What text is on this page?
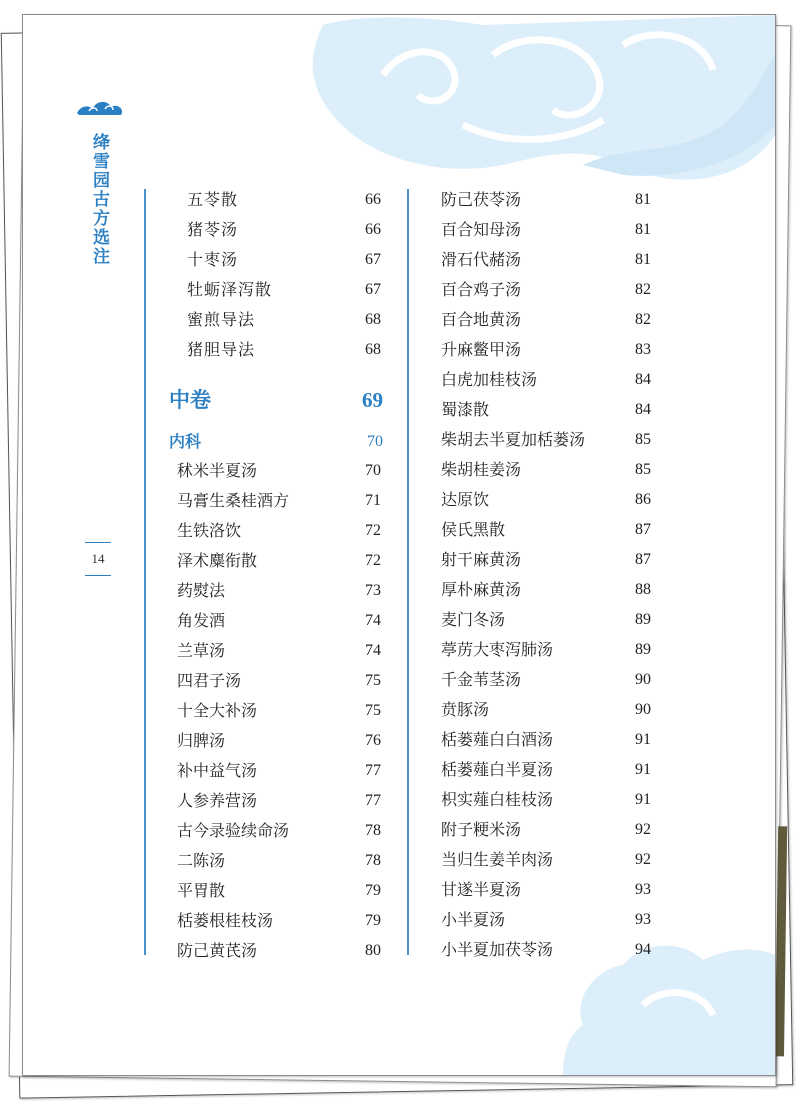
绛雪园古方选注
14
五苓散	66
猪苓汤	66
十枣汤	67
牡蛎泽泻散	67
蜜煎导法	68
猪胆导法	68
中卷	69
内科	70
秫米半夏汤	70
马膏生桑桂酒方	71
生铁洛饮	72
泽术麋衔散	72
药熨法	73
角发酒	74
兰草汤	74
四君子汤	75
十全大补汤	75
归脾汤	76
补中益气汤	77
人参养营汤	77
古今录验续命汤	78
二陈汤	78
平胃散	79
栝蒌根桂枝汤	79
防己黄芪汤	80
防己茯苓汤	81
百合知母汤	81
滑石代赭汤	81
百合鸡子汤	82
百合地黄汤	82
升麻鳖甲汤	83
白虎加桂枝汤	84
蜀漆散	84
柴胡去半夏加栝蒌汤	85
柴胡桂姜汤	85
达原饮	86
侯氏黑散	87
射干麻黄汤	87
厚朴麻黄汤	88
麦门冬汤	89
葶苈大枣泻肺汤	89
千金苇茎汤	90
贲豚汤	90
栝蒌薤白白酒汤	91
栝蒌薤白半夏汤	91
枳实薤白桂枝汤	91
附子粳米汤	92
当归生姜羊肉汤	92
甘遂半夏汤	93
小半夏汤	93
小半夏加茯苓汤	94
